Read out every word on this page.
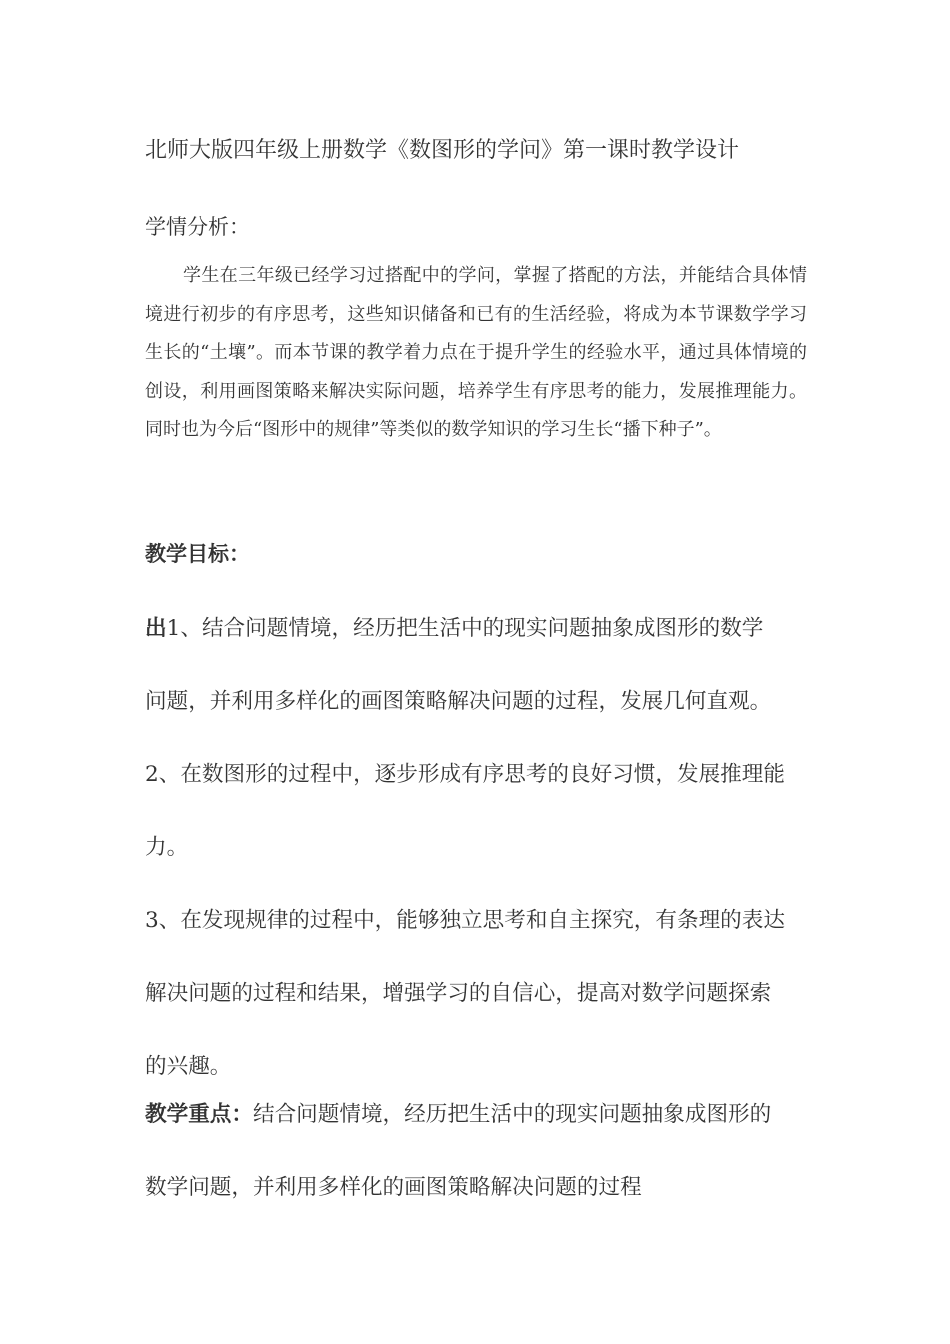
北师大版四年级上册数学《数图形的学问》第一课时教学设计

学情分析：

学生在三年级已经学习过搭配中的学问，掌握了搭配的方法，并能结合具体情境进行初步的有序思考，这些知识储备和已有的生活经验，将成为本节课数学学习生长的“土壤”。而本节课的教学着力点在于提升学生的经验水平，通过具体情境的创设，利用画图策略来解决实际问题，培养学生有序思考的能力，发展推理能力。同时也为今后“图形中的规律”等类似的数学知识的学习生长“播下种子”。

教学目标：

出1、结合问题情境，经历把生活中的现实问题抽象成图形的数学
问题，并利用多样化的画图策略解决问题的过程，发展几何直观。
2、在数图形的过程中，逐步形成有序思考的良好习惯，发展推理能
力。
3、在发现规律的过程中，能够独立思考和自主探究，有条理的表达
解决问题的过程和结果，增强学习的自信心，提高对数学问题探索
的兴趣。
教学重点：结合问题情境，经历把生活中的现实问题抽象成图形的
数学问题，并利用多样化的画图策略解决问题的过程
